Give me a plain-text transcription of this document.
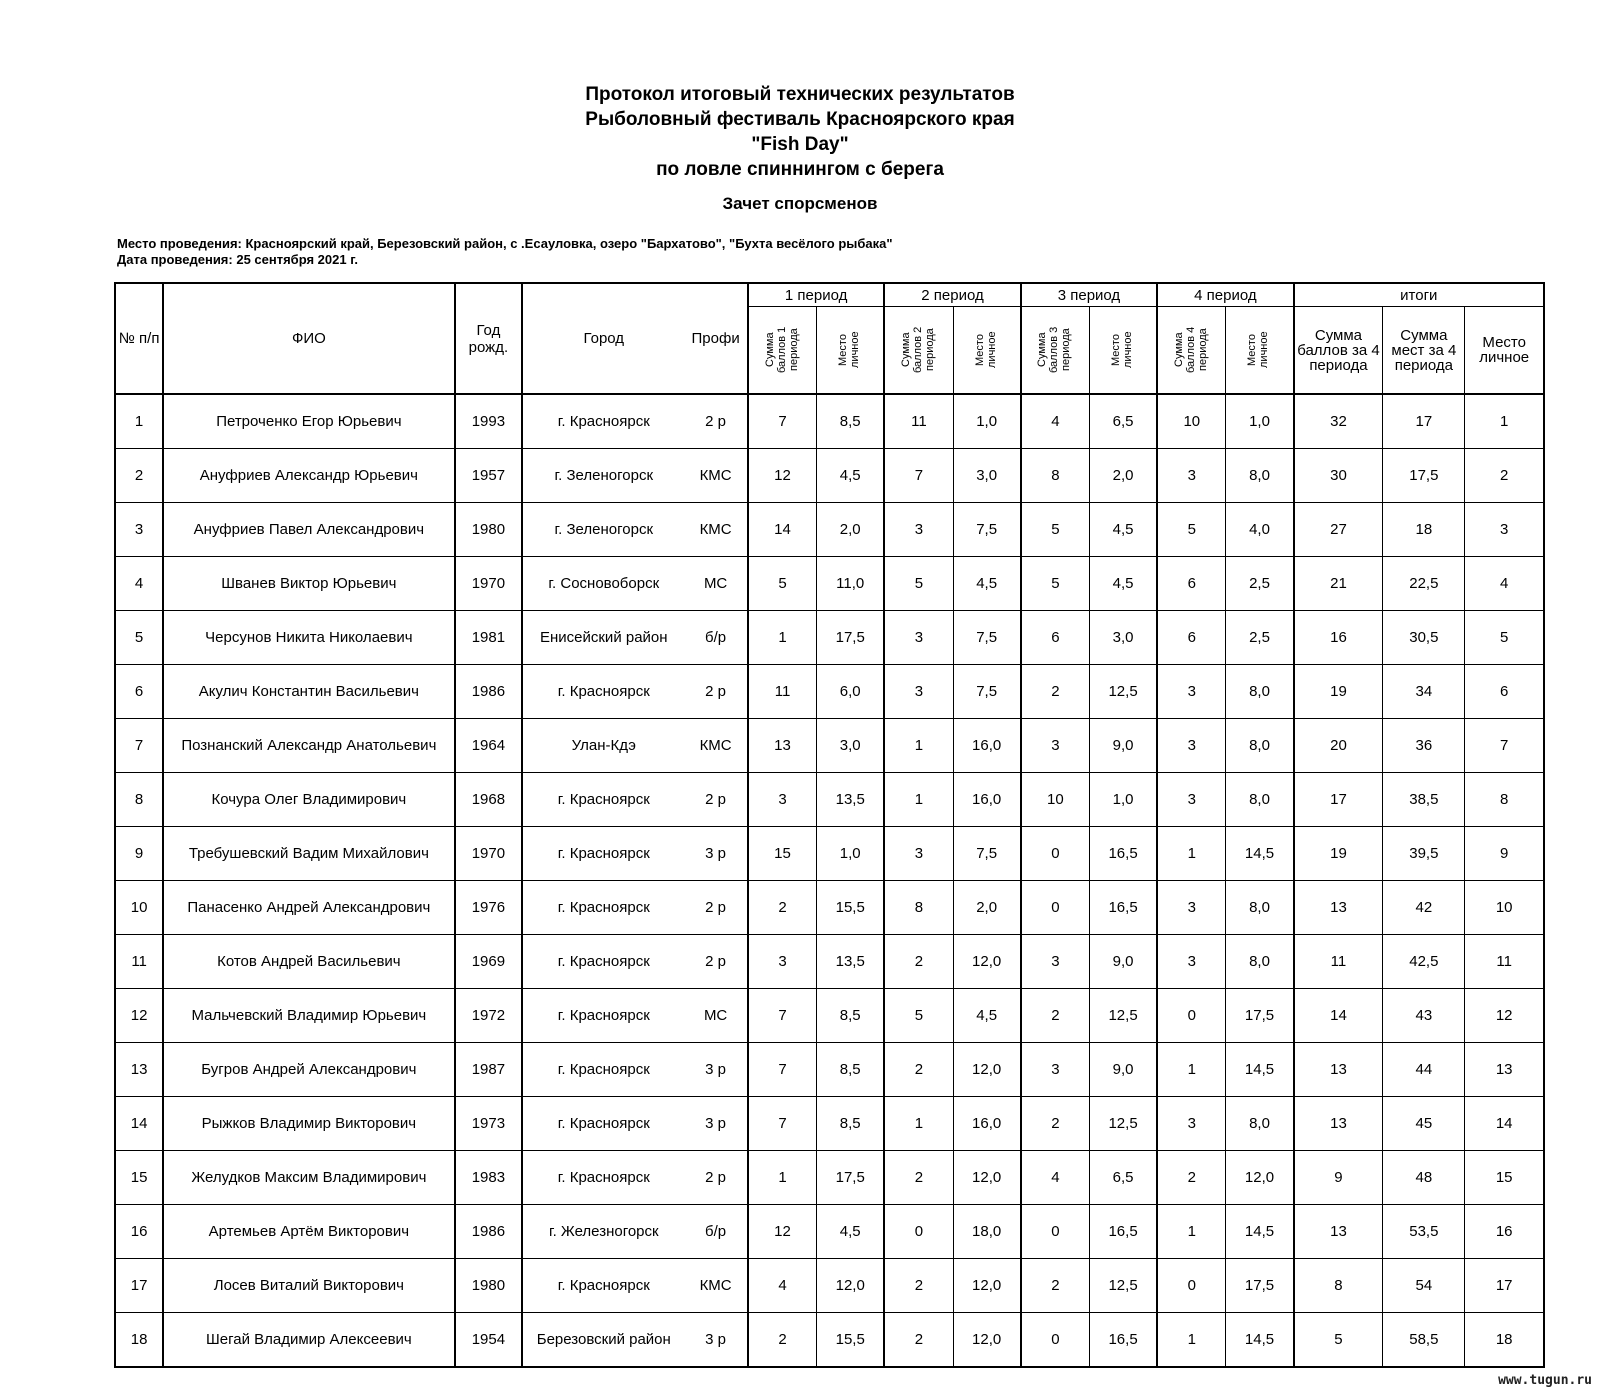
Протокол итоговый технических результатов

Рыболовный фестиваль Красноярского края

"Fish Day"

по ловле спиннингом с берега

Зачет спорсменов
Место проведения: Красноярский край, Березовский район, с .Есауловка, озеро "Бархатово", "Бухта весёлого рыбака"
Дата проведения: 25 сентября 2021 г.
№ п/п	ФИО	Год рожд.	Город	Профи	1 период		2 период		3 период		4 период		итоги		

					Сумма баллов 1 периода	Место личное	Сумма баллов 2 периода	Место личное	Сумма баллов 3 периода	Место личное	Сумма баллов 4 периода	Место личное	Сумма баллов за 4 периода	Сумма мест за 4 периода	Место личное
1	Петроченко Егор Юрьевич	1993	г. Красноярск	2 р	7	8,5	11	1,0	4	6,5	10	1,0	32	17	1
2	Ануфриев Александр Юрьевич	1957	г. Зеленогорск	КМС	12	4,5	7	3,0	8	2,0	3	8,0	30	17,5	2
3	Ануфриев Павел Александрович	1980	г. Зеленогорск	КМС	14	2,0	3	7,5	5	4,5	5	4,0	27	18	3
4	Шванев Виктор Юрьевич	1970	г. Сосновоборск	МС	5	11,0	5	4,5	5	4,5	6	2,5	21	22,5	4
5	Черсунов Никита Николаевич	1981	Енисейский район	б/р	1	17,5	3	7,5	6	3,0	6	2,5	16	30,5	5
6	Акулич Константин Васильевич	1986	г. Красноярск	2 р	11	6,0	3	7,5	2	12,5	3	8,0	19	34	6
7	Познанский Александр Анатольевич	1964	Улан-Кдэ	КМС	13	3,0	1	16,0	3	9,0	3	8,0	20	36	7
8	Кочура Олег Владимирович	1968	г. Красноярск	2 р	3	13,5	1	16,0	10	1,0	3	8,0	17	38,5	8
9	Требушевский Вадим Михайлович	1970	г. Красноярск	3 р	15	1,0	3	7,5	0	16,5	1	14,5	19	39,5	9
10	Панасенко Андрей Александрович	1976	г. Красноярск	2 р	2	15,5	8	2,0	0	16,5	3	8,0	13	42	10
11	Котов Андрей Васильевич	1969	г. Красноярск	2 р	3	13,5	2	12,0	3	9,0	3	8,0	11	42,5	11
12	Мальчевский Владимир Юрьевич	1972	г. Красноярск	МС	7	8,5	5	4,5	2	12,5	0	17,5	14	43	12
13	Бугров Андрей Александрович	1987	г. Красноярск	3 р	7	8,5	2	12,0	3	9,0	1	14,5	13	44	13
14	Рыжков Владимир Викторович	1973	г. Красноярск	3 р	7	8,5	1	16,0	2	12,5	3	8,0	13	45	14
15	Желудков Максим Владимирович	1983	г. Красноярск	2 р	1	17,5	2	12,0	4	6,5	2	12,0	9	48	15
16	Артемьев Артём Викторович	1986	г. Железногорск	б/р	12	4,5	0	18,0	0	16,5	1	14,5	13	53,5	16
17	Лосев Виталий Викторович	1980	г. Красноярск	КМС	4	12,0	2	12,0	2	12,5	0	17,5	8	54	17
18	Шегай Владимир Алексеевич	1954	Березовский район	3 р	2	15,5	2	12,0	0	16,5	1	14,5	5	58,5	18
www.tugun.ru
